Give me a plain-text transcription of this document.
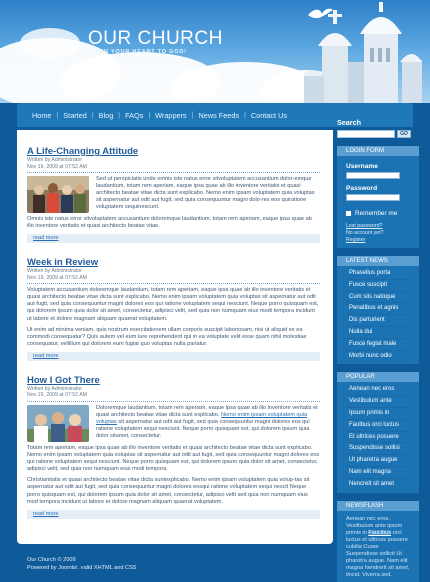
OUR CHURCH
OPEN YOUR HEART TO GOD!
Home | Started | Blog | FAQs | Wrappers | News Feeds | Contact Us
A Life-Changing Attitude
Written by Administrator
Nov 19, 2009 at 07:52 AM

Sed ut perspiciatis unde omnis iste natus error sitvoluptatem accusantium dolor-emque laudantium, totam rem aperiam, eaque ipsa quae ab illo inventore veritatis et quasi architecto beatae vitae dicta sunt explicabo. Nemo enim ipsam voluptatem quia voluptas sit aspernatur aut odit aut fugit, sed quia consequuntur magni dolo-res eos quiratione voluptatem sequinescunt.

Omnis iste natus error sitvoluptatem accusantium doloremque laudantium, totam rem aperiam, eaque ipsa quae ab illo inventore veritatis et quasi architecto beatae vitae.

read more
Week in Review
Written by Administrator
Nov 19, 2009 at 07:52 AM

Voluptatem accusantium doloremque laudantium, totam rem aperiam, eaque ipsa quae ab illo inventore veritatis et quasi architecto beatae vitae dicta sunt explicabo. Nemo enim ipsam voluptatem quia voluptas sit aspernatur aut odit aut fugit, sed quia consequuntur magni dolores eos qui ratione voluptatem sequi nesciunt. Neque porro quisquam est, qui dolorem ipsum quia dolor sit amet, consectetur, adipisci velit, sed quia non numquam eius modi tempora incidunt ut labore et dolore magnam aliquam quaerat voluptatem.

Ut enim ad minima veniam, quis nostrum exercitationem ullam corporis suscipit laboriosam, nisi ut aliquid ex ea commodi consequatur? Quis autem vel eum iure reprehenderit qui in ea voluptate velit esse quam nihil molestiae consequatur, vellillum qui dolorem eum fugiat quo voluptas nulla pariatur.

read more
How I Got There
Written by Administrator
Nov 19, 2009 at 07:52 AM

Doloremque laudantium, totam rem aperiam, eaque ipsa quae ab illo inventore veritatis et quasi architecto beatae vitae dicta sunt explicabo. Nemo enim ipsam voluptatem quia voluptas sit aspernatur aut odit aut fugit, sed quia consequuntur magni dolores eos qui ratione voluptatem sequi nesciunt. Neque porro quisquam est, qui dolorem ipsum quia dolor sitamet, consectetur.

Totam rem aperiam, eaque ipsa quae ab illo inventore veritatis et quasi architecto beatae vitae dicta sunt explicabo. Nemo enim ipsam voluptatem quia voluptas sit aspernatur aut odit aut fugit, sed quia consequuntur magni dolores eos qui ratione voluptatem sequi nesciunt. Neque porro quisquam est, qui dolorem ipsum quia dolor sit amet, consectetur, adipisci velit, sed quia non numquam eius modi tempora.

Christianitatis et quasi architecto beatae vitae dicta suntexplicabo. Nemo enim ipsam voluptatem quia volup-tas sit aspernatur aut odit aut fugit, sed quia consequuntur magni dolores eosqui ratione voluptatem sequi nescit Neque porro quisquam est, qui dolorem ipsum quia dolor sit amet, consectetur, adipisci velit sed quia non numquam eius mod tempora incidunt ut labore et dolore magnam aliquam quaerat voluptatem.

read more
Search
GO
LOGIN FORM
Username
Password
Remember me
Lost password?
No account yet?
Register
LATEST NEWS
Phasellus porta
Fusce suscipit
Cum siis natoque
Penatibus et agnis
Dis parturient
Nulla dui
Fusce feglat male
Morbi nunc odio
POPULAR
Aenean nec eros
Vestibulum ante
Ipsum primis in
Faulbus orci luctus
Et ultrices posuere
Suspendisse sollisi
Ut pharetra augue
Nam elit magna
Nencreit sit amet
NEWSFLASH
Aenean nec eros. Vestibulum ante ipsum primis in Faucibus orci luctus et ultrices posuere cubilia Curae Suspendisse sollicit Ut pharetra augue. Nam elit magna hendrerit sit amet, tincid. Viverra sed.
Our Church © 2009
Powered by Joomla!. valid XHTML and CSS
